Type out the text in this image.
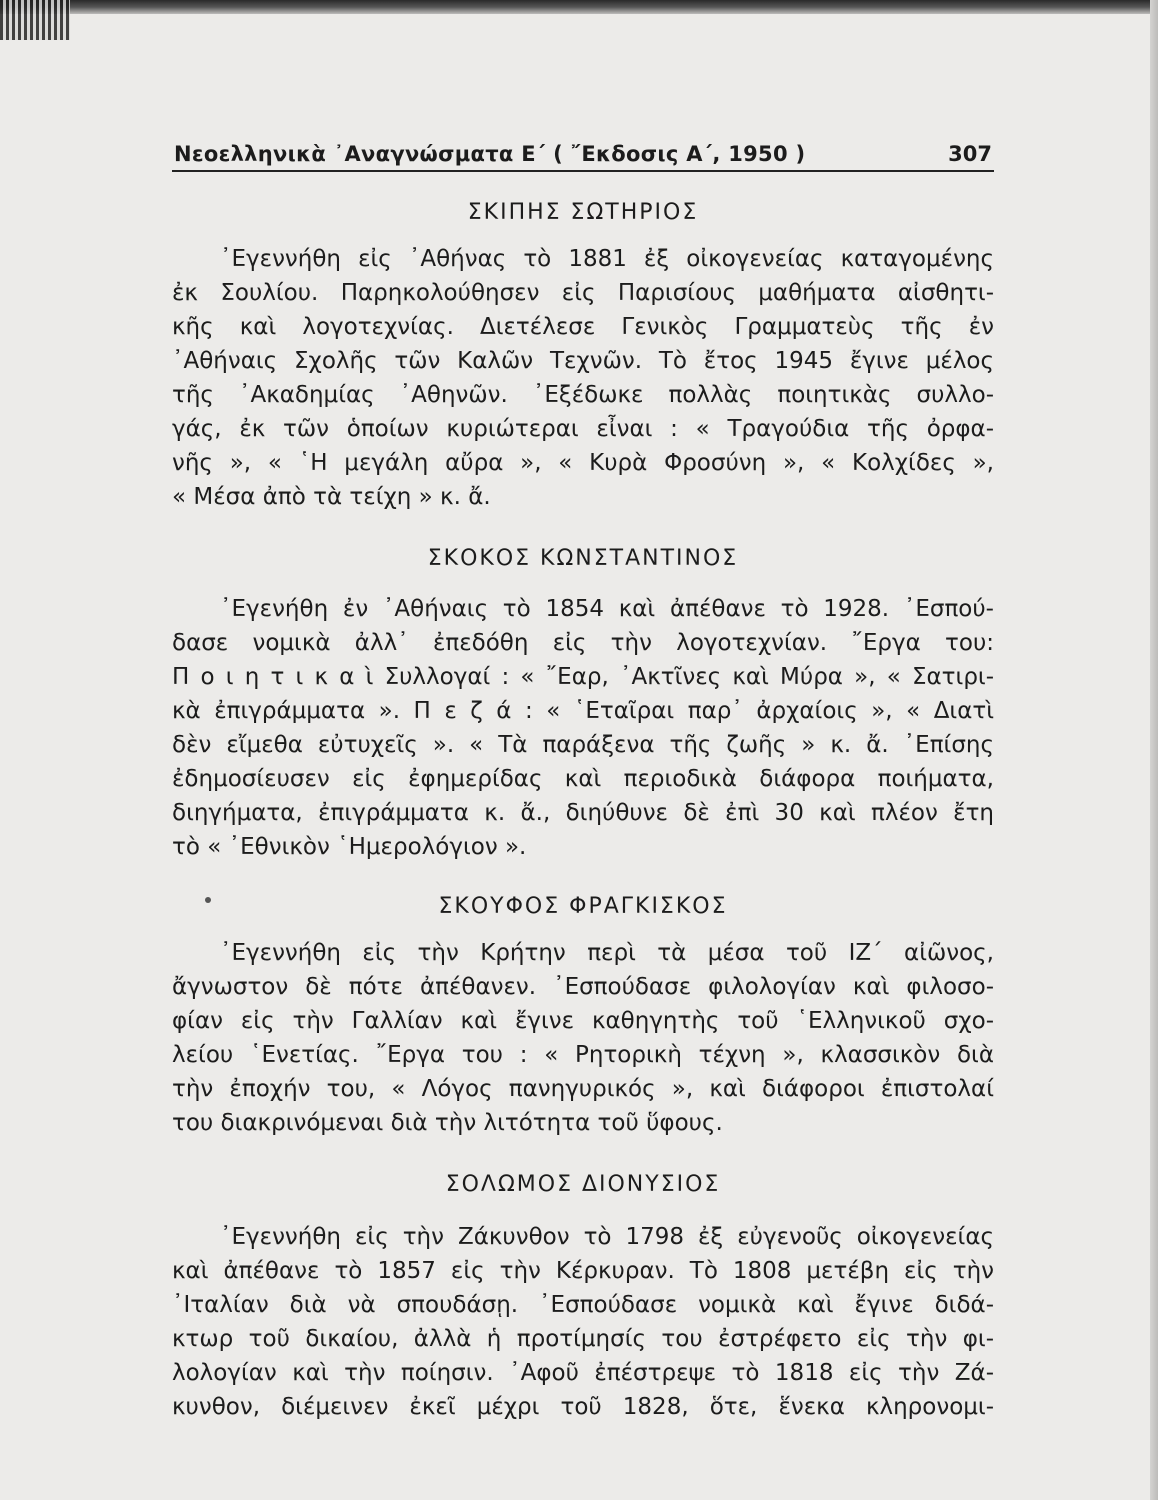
Νεοελληνικὰ ᾿Αναγνώσματα Ε΄ ( ῎Εκδοσις Α΄, 1950 )	307
ΣΚΙΠΗΣ ΣΩΤΗΡΙΟΣ
᾿Εγεννήθη εἰς ᾿Αθήνας τὸ 1881 ἐξ οἰκογενείας καταγομένης
ἐκ Σουλίου. Παρηκολούθησεν εἰς Παρισίους μαθήματα αἰσθητι-
κῆς καὶ λογοτεχνίας. Διετέλεσε Γενικὸς Γραμματεὺς τῆς ἐν
᾿Αθήναις Σχολῆς τῶν Καλῶν Τεχνῶν. Τὸ ἔτος 1945 ἔγινε μέλος
τῆς ᾿Ακαδημίας ᾿Αθηνῶν. ᾿Εξέδωκε πολλὰς ποιητικὰς συλλο-
γάς, ἐκ τῶν ὁποίων κυριώτεραι εἶναι : « Τραγούδια τῆς ὀρφα-
νῆς », « ῾Η μεγάλη αὔρα », « Κυρὰ Φροσύνη », « Κολχίδες »,
« Μέσα ἀπὸ τὰ τείχη » κ. ἄ.
ΣΚΟΚΟΣ ΚΩΝΣΤΑΝΤΙΝΟΣ
᾿Εγενήθη ἐν ᾿Αθήναις τὸ 1854 καὶ ἀπέθανε τὸ 1928. ᾿Εσπού-
δασε νομικὰ ἀλλ᾿ ἐπεδόθη εἰς τὴν λογοτεχνίαν. ῎Εργα του:
Π ο ι η τ ι κ α ὶ Συλλογαί : « ῎Εαρ, ᾿Ακτῖνες καὶ Μύρα », « Σατιρι-
κὰ ἐπιγράμματα ». Π ε ζ ά : « ῾Εταῖραι παρ᾿ ἀρχαίοις », « Διατὶ
δὲν εἴμεθα εὐτυχεῖς ». « Τὰ παράξενα τῆς ζωῆς » κ. ἄ. ᾿Επίσης
ἐδημοσίευσεν εἰς ἐφημερίδας καὶ περιοδικὰ διάφορα ποιήματα,
διηγήματα, ἐπιγράμματα κ. ἄ., διηύθυνε δὲ ἐπὶ 30 καὶ πλέον ἔτη
τὸ « ᾿Εθνικὸν ῾Ημερολόγιον ».
ΣΚΟΥΦΟΣ ΦΡΑΓΚΙΣΚΟΣ
᾿Εγεννήθη εἰς τὴν Κρήτην περὶ τὰ μέσα τοῦ ΙΖ΄ αἰῶνος,
ἄγνωστον δὲ πότε ἀπέθανεν. ᾿Εσπούδασε φιλολογίαν καὶ φιλοσο-
φίαν εἰς τὴν Γαλλίαν καὶ ἔγινε καθηγητὴς τοῦ ῾Ελληνικοῦ σχο-
λείου ῾Ενετίας. ῎Εργα του : « Ρητορικὴ τέχνη », κλασσικὸν διὰ
τὴν ἐποχήν του, « Λόγος πανηγυρικός », καὶ διάφοροι ἐπιστολαί
του διακρινόμεναι διὰ τὴν λιτότητα τοῦ ὕφους.
ΣΟΛΩΜΟΣ ΔΙΟΝΥΣΙΟΣ
᾿Εγεννήθη εἰς τὴν Ζάκυνθον τὸ 1798 ἐξ εὐγενοῦς οἰκογενείας
καὶ ἀπέθανε τὸ 1857 εἰς τὴν Κέρκυραν. Τὸ 1808 μετέβη εἰς τὴν
᾿Ιταλίαν διὰ νὰ σπουδάσῃ. ᾿Εσπούδασε νομικὰ καὶ ἔγινε διδά-
κτωρ τοῦ δικαίου, ἀλλὰ ἡ προτίμησίς του ἐστρέφετο εἰς τὴν φι-
λολογίαν καὶ τὴν ποίησιν. ᾿Αφοῦ ἐπέστρεψε τὸ 1818 εἰς τὴν Ζά-
κυνθον, διέμεινεν ἐκεῖ μέχρι τοῦ 1828, ὅτε, ἕνεκα κληρονομι-
